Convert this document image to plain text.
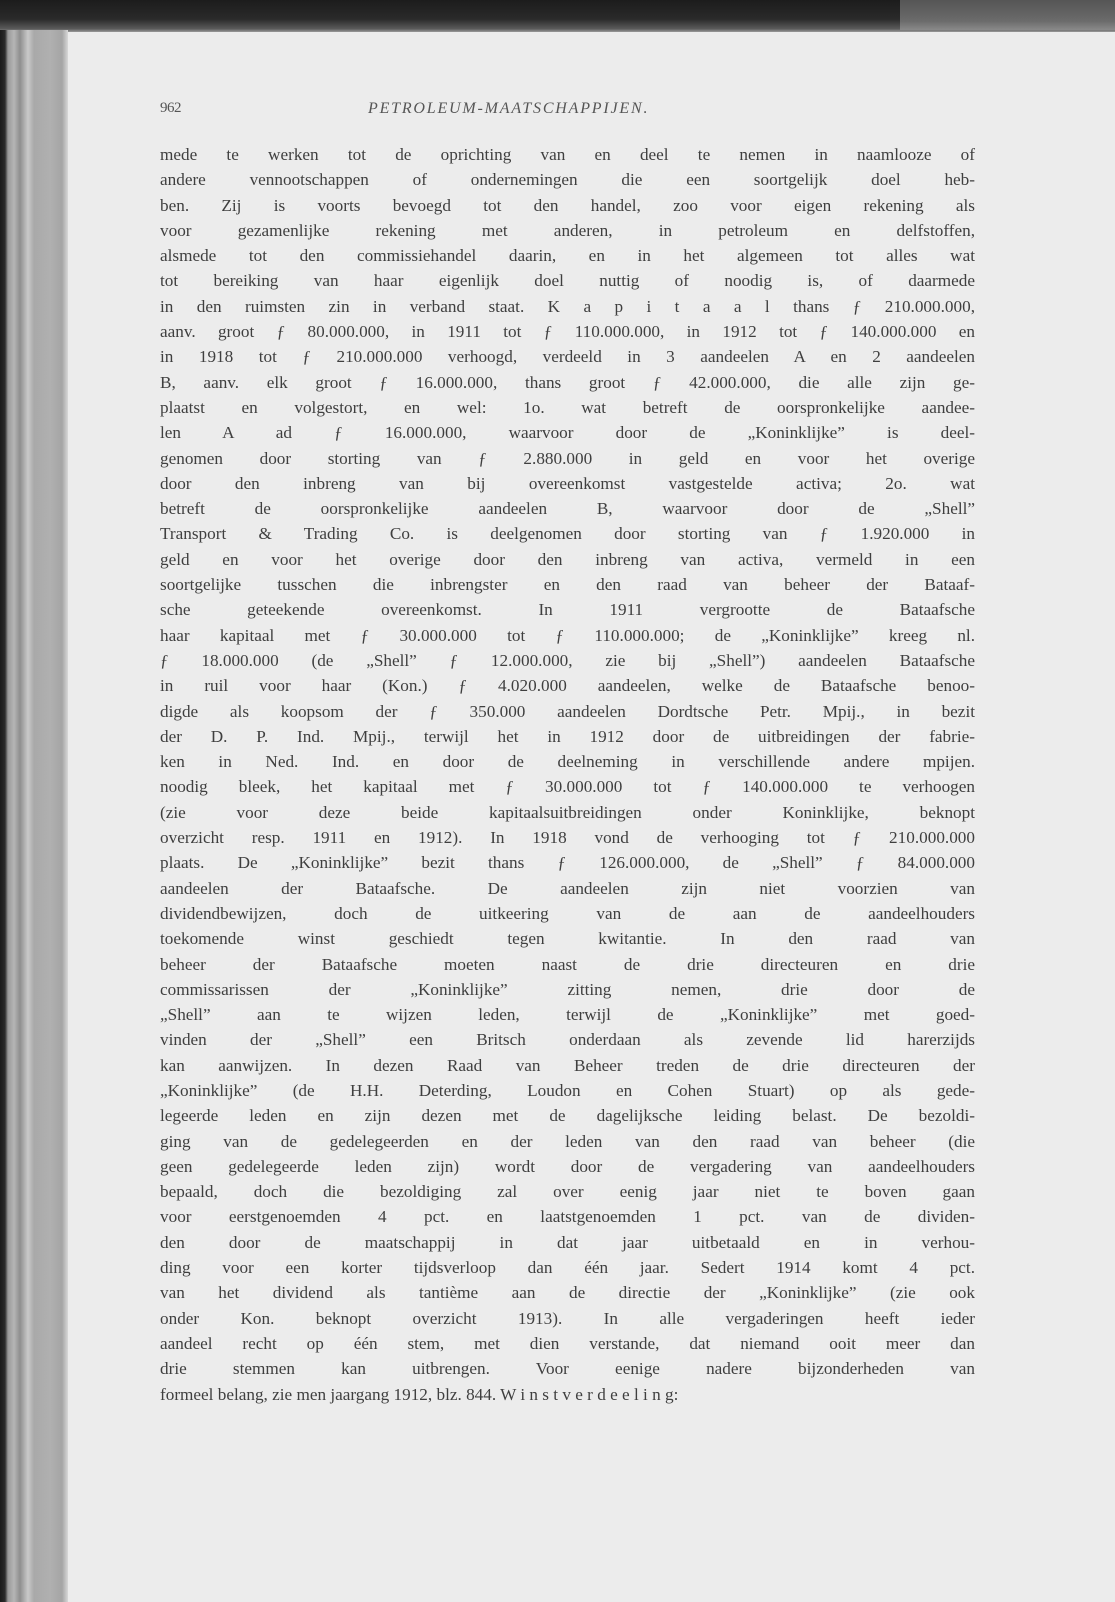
962	PETROLEUM-MAATSCHAPPIJEN.
mede te werken tot de oprichting van en deel te nemen in naamlooze of
andere vennootschappen of ondernemingen die een soortgelijk doel heb-
ben. Zij is voorts bevoegd tot den handel, zoo voor eigen rekening als
voor gezamenlijke rekening met anderen, in petroleum en delfstoffen,
alsmede tot den commissiehandel daarin, en in het algemeen tot alles wat
tot bereiking van haar eigenlijk doel nuttig of noodig is, of daarmede
in den ruimsten zin in verband staat. K a p i t a a l thans ƒ 210.000.000,
aanv. groot ƒ 80.000.000, in 1911 tot ƒ 110.000.000, in 1912 tot ƒ 140.000.000 en
in 1918 tot ƒ 210.000.000 verhoogd, verdeeld in 3 aandeelen A en 2 aandeelen
B, aanv. elk groot ƒ 16.000.000, thans groot ƒ 42.000.000, die alle zijn ge-
plaatst en volgestort, en wel: 1o. wat betreft de oorspronkelijke aandee-
len A ad ƒ 16.000.000, waarvoor door de „Koninklijke” is deel-
genomen door storting van ƒ 2.880.000 in geld en voor het overige
door den inbreng van bij overeenkomst vastgestelde activa; 2o. wat
betreft de oorspronkelijke aandeelen B, waarvoor door de „Shell”
Transport & Trading Co. is deelgenomen door storting van ƒ 1.920.000 in
geld en voor het overige door den inbreng van activa, vermeld in een
soortgelijke tusschen die inbrengster en den raad van beheer der Bataaf-
sche geteekende overeenkomst. In 1911 vergrootte de Bataafsche
haar kapitaal met ƒ 30.000.000 tot ƒ 110.000.000; de „Koninklijke” kreeg nl.
ƒ 18.000.000 (de „Shell” ƒ 12.000.000, zie bij „Shell”) aandeelen Bataafsche
in ruil voor haar (Kon.) ƒ 4.020.000 aandeelen, welke de Bataafsche benoo-
digde als koopsom der ƒ 350.000 aandeelen Dordtsche Petr. Mpij., in bezit
der D. P. Ind. Mpij., terwijl het in 1912 door de uitbreidingen der fabrie-
ken in Ned. Ind. en door de deelneming in verschillende andere mpijen.
noodig bleek, het kapitaal met ƒ 30.000.000 tot ƒ 140.000.000 te verhoogen
(zie voor deze beide kapitaalsuitbreidingen onder Koninklijke, beknopt
overzicht resp. 1911 en 1912). In 1918 vond de verhooging tot ƒ 210.000.000
plaats. De „Koninklijke” bezit thans ƒ 126.000.000, de „Shell” ƒ 84.000.000
aandeelen der Bataafsche. De aandeelen zijn niet voorzien van
dividendbewijzen, doch de uitkeering van de aan de aandeelhouders
toekomende winst geschiedt tegen kwitantie. In den raad van
beheer der Bataafsche moeten naast de drie directeuren en drie
commissarissen der „Koninklijke” zitting nemen, drie door de
„Shell” aan te wijzen leden, terwijl de „Koninklijke” met goed-
vinden der „Shell” een Britsch onderdaan als zevende lid harerzijds
kan aanwijzen. In dezen Raad van Beheer treden de drie directeuren der
„Koninklijke” (de H.H. Deterding, Loudon en Cohen Stuart) op als gede-
legeerde leden en zijn dezen met de dagelijksche leiding belast. De bezoldi-
ging van de gedelegeerden en der leden van den raad van beheer (die
geen gedelegeerde leden zijn) wordt door de vergadering van aandeelhouders
bepaald, doch die bezoldiging zal over eenig jaar niet te boven gaan
voor eerstgenoemden 4 pct. en laatstgenoemden 1 pct. van de dividen-
den door de maatschappij in dat jaar uitbetaald en in verhou-
ding voor een korter tijdsverloop dan één jaar. Sedert 1914 komt 4 pct.
van het dividend als tantième aan de directie der „Koninklijke” (zie ook
onder Kon. beknopt overzicht 1913). In alle vergaderingen heeft ieder
aandeel recht op één stem, met dien verstande, dat niemand ooit meer dan
drie stemmen kan uitbrengen. Voor eenige nadere bijzonderheden van
formeel belang, zie men jaargang 1912, blz. 844. W i n s t v e r d e e l i n g:
